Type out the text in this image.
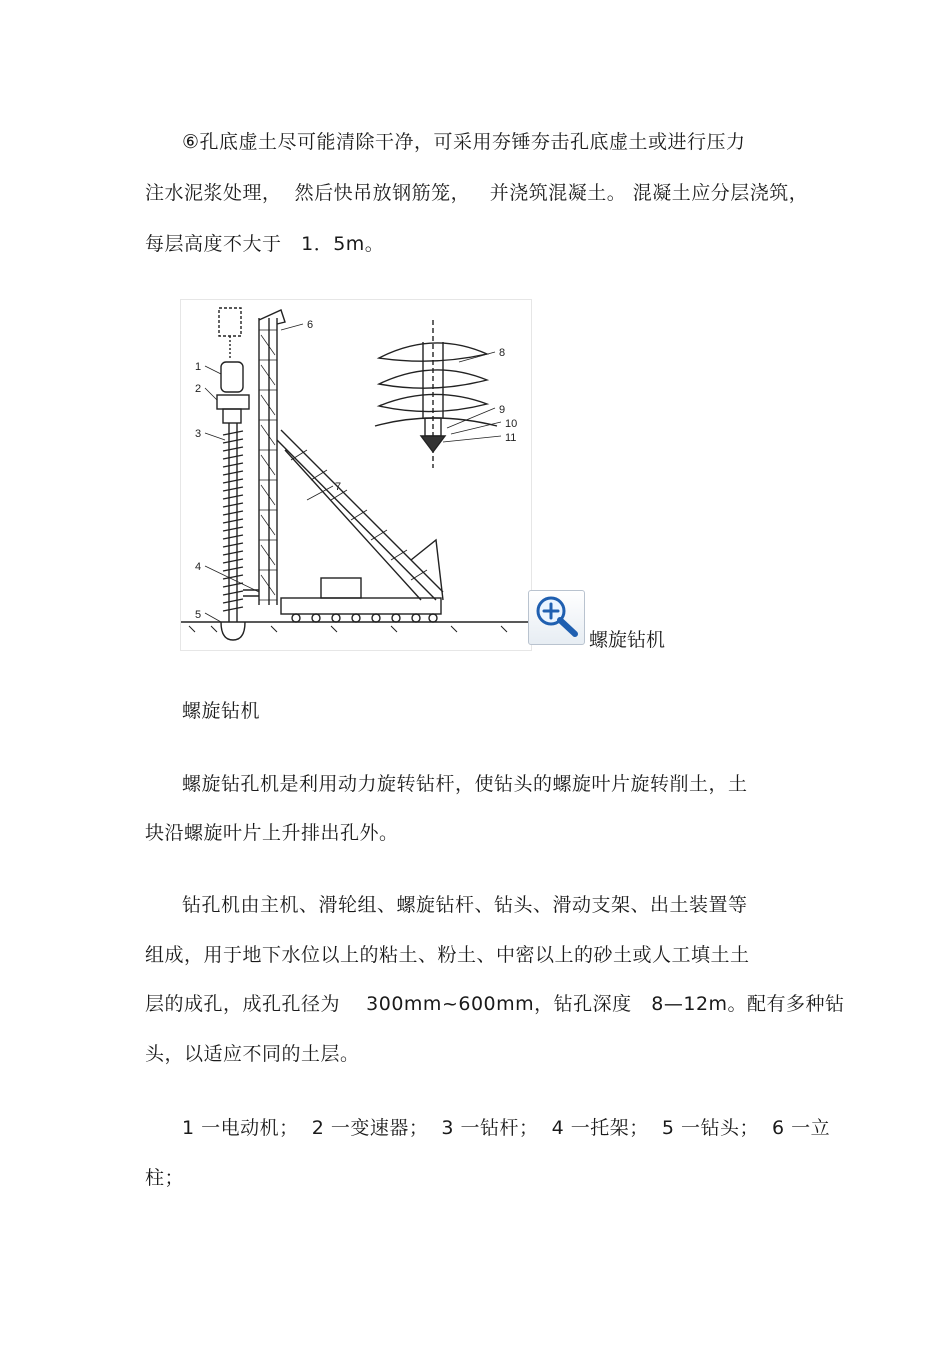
⑥孔底虚土尽可能清除干净，可采用夯锤夯击孔底虚土或进行压力
注水泥浆处理，  然后快吊放钢筋笼，   并浇筑混凝土。 混凝土应分层浇筑，
每层高度不大于   1．5m。
1
2
3
4
5
6
7
8
9
10
11
螺旋钻机
螺旋钻机
螺旋钻孔机是利用动力旋转钻杆，使钻头的螺旋叶片旋转削土，土
块沿螺旋叶片上升排出孔外。
钻孔机由主机、滑轮组、螺旋钻杆、钻头、滑动支架、出土装置等
组成，用于地下水位以上的粘土、粉土、中密以上的砂土或人工填土土
层的成孔，成孔孔径为    300mm~600mm，钻孔深度   8—12m。配有多种钻
头，以适应不同的土层。
1 一电动机；  2 一变速器；  3 一钻杆；  4 一托架；  5 一钻头；  6 一立
柱；
